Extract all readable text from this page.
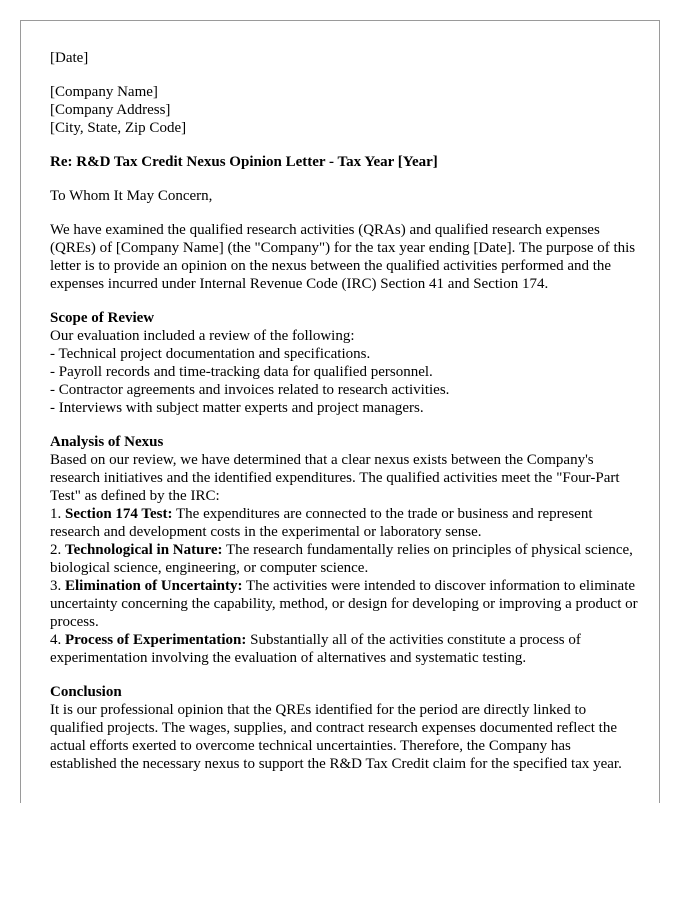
[Date]

[Company Name]
[Company Address]
[City, State, Zip Code]

Re: R&D Tax Credit Nexus Opinion Letter - Tax Year [Year]

To Whom It May Concern,

We have examined the qualified research activities (QRAs) and qualified research expenses (QREs) of [Company Name] (the "Company") for the tax year ending [Date]. The purpose of this letter is to provide an opinion on the nexus between the qualified activities performed and the expenses incurred under Internal Revenue Code (IRC) Section 41 and Section 174.

Scope of Review
Our evaluation included a review of the following:
- Technical project documentation and specifications.
- Payroll records and time-tracking data for qualified personnel.
- Contractor agreements and invoices related to research activities.
- Interviews with subject matter experts and project managers.

Analysis of Nexus
Based on our review, we have determined that a clear nexus exists between the Company's research initiatives and the identified expenditures. The qualified activities meet the "Four-Part Test" as defined by the IRC:
1. Section 174 Test: The expenditures are connected to the trade or business and represent research and development costs in the experimental or laboratory sense.
2. Technological in Nature: The research fundamentally relies on principles of physical science, biological science, engineering, or computer science.
3. Elimination of Uncertainty: The activities were intended to discover information to eliminate uncertainty concerning the capability, method, or design for developing or improving a product or process.
4. Process of Experimentation: Substantially all of the activities constitute a process of experimentation involving the evaluation of alternatives and systematic testing.

Conclusion
It is our professional opinion that the QREs identified for the period are directly linked to qualified projects. The wages, supplies, and contract research expenses documented reflect the actual efforts exerted to overcome technical uncertainties. Therefore, the Company has established the necessary nexus to support the R&D Tax Credit claim for the specified tax year.
